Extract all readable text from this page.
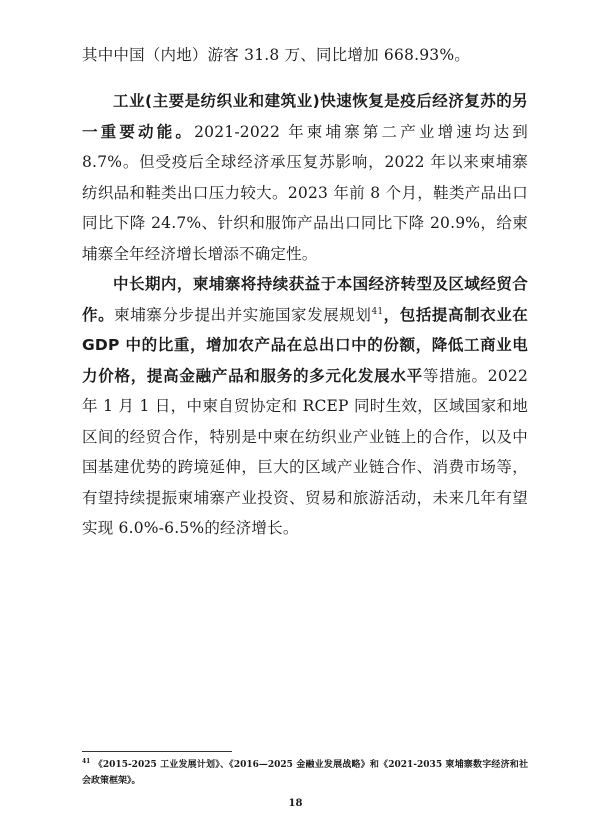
其中中国（内地）游客 31.8 万、同比增加 668.93%。

工业(主要是纺织业和建筑业)快速恢复是疫后经济复苏的另一重要动能。2021-2022 年柬埔寨第二产业增速均达到 8.7%。但受疫后全球经济承压复苏影响，2022 年以来柬埔寨纺织品和鞋类出口压力较大。2023 年前 8 个月，鞋类产品出口同比下降 24.7%、针织和服饰产品出口同比下降 20.9%，给柬埔寨全年经济增长增添不确定性。

中长期内，柬埔寨将持续获益于本国经济转型及区域经贸合作。柬埔寨分步提出并实施国家发展规划$^{41}$，包括提高制衣业在 GDP 中的比重，增加农产品在总出口中的份额，降低工商业电力价格，提高金融产品和服务的多元化发展水平等措施。2022 年 1 月 1 日，中柬自贸协定和 RCEP 同时生效，区域国家和地区间的经贸合作，特别是中柬在纺织业产业链上的合作，以及中国基建优势的跨境延伸，巨大的区域产业链合作、消费市场等，有望持续提振柬埔寨产业投资、贸易和旅游活动，未来几年有望实现 6.0%-6.5%的经济增长。

$^{41}$ 《2015-2025 工业发展计划》、《2016—2025 金融业发展战略》和《2021-2035 柬埔寨数字经济和社会政策框架》。
18
